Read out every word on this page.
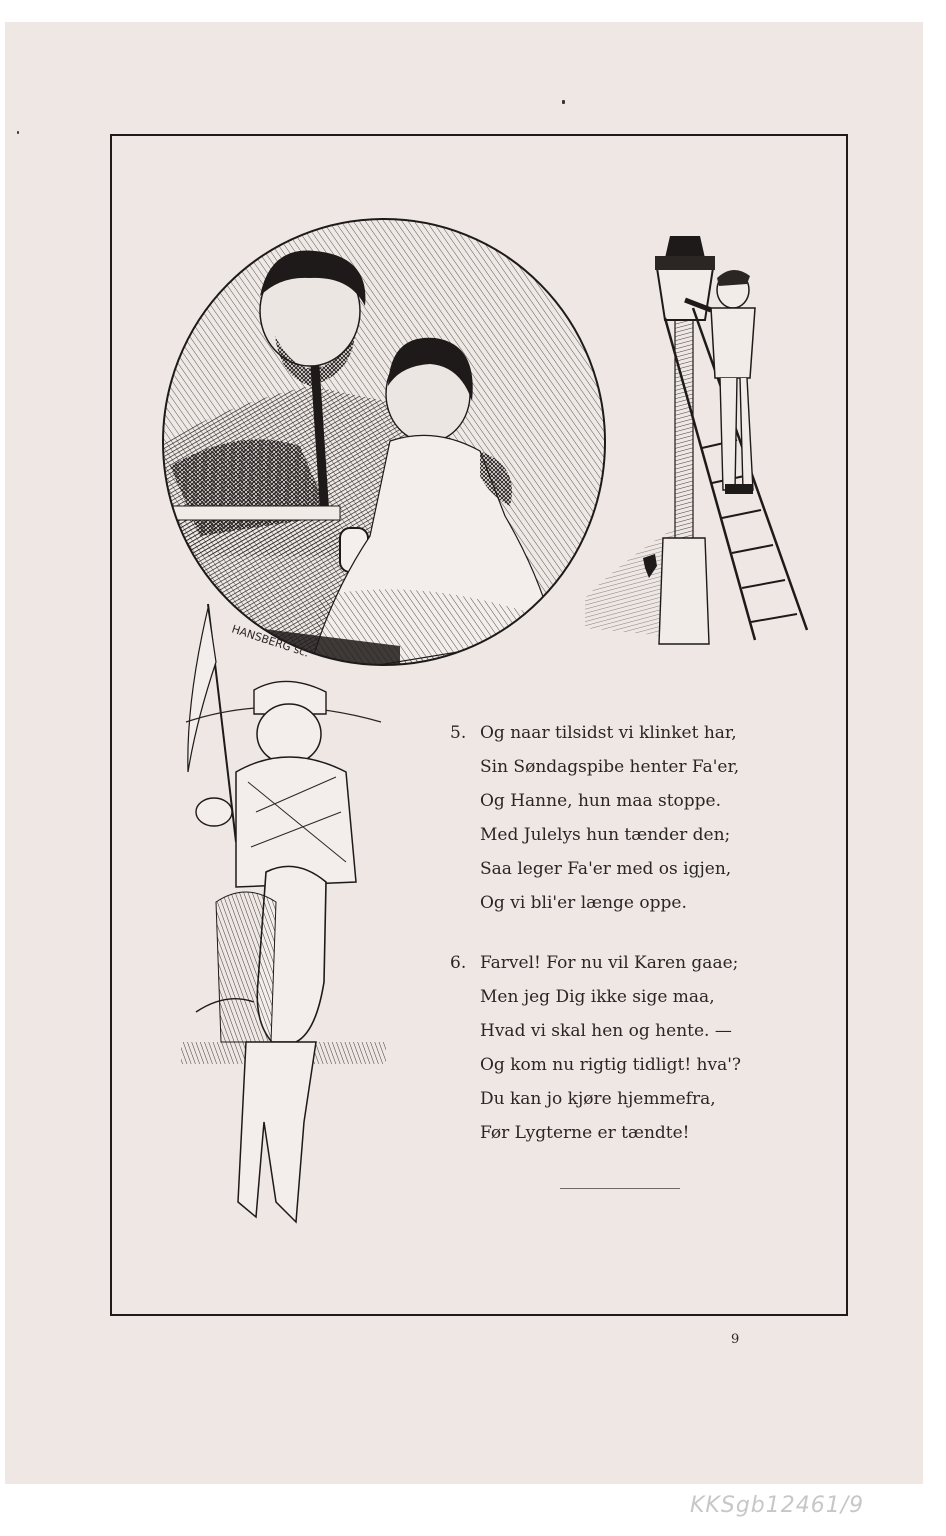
HANSBERG sc.
5. Og naar tilsidst vi klinket har,
Sin Søndagspibe henter Fa'er,
Og Hanne, hun maa stoppe.
Med Julelys hun tænder den;
Saa leger Fa'er med os igjen,
Og vi bli'er længe oppe.
6. Farvel! For nu vil Karen gaae;
Men jeg Dig ikke sige maa,
Hvad vi skal hen og hente. —
Og kom nu rigtig tidligt! hva'?
Du kan jo kjøre hjemmefra,
Før Lygterne er tændte!
9
KKSgb12461/9
